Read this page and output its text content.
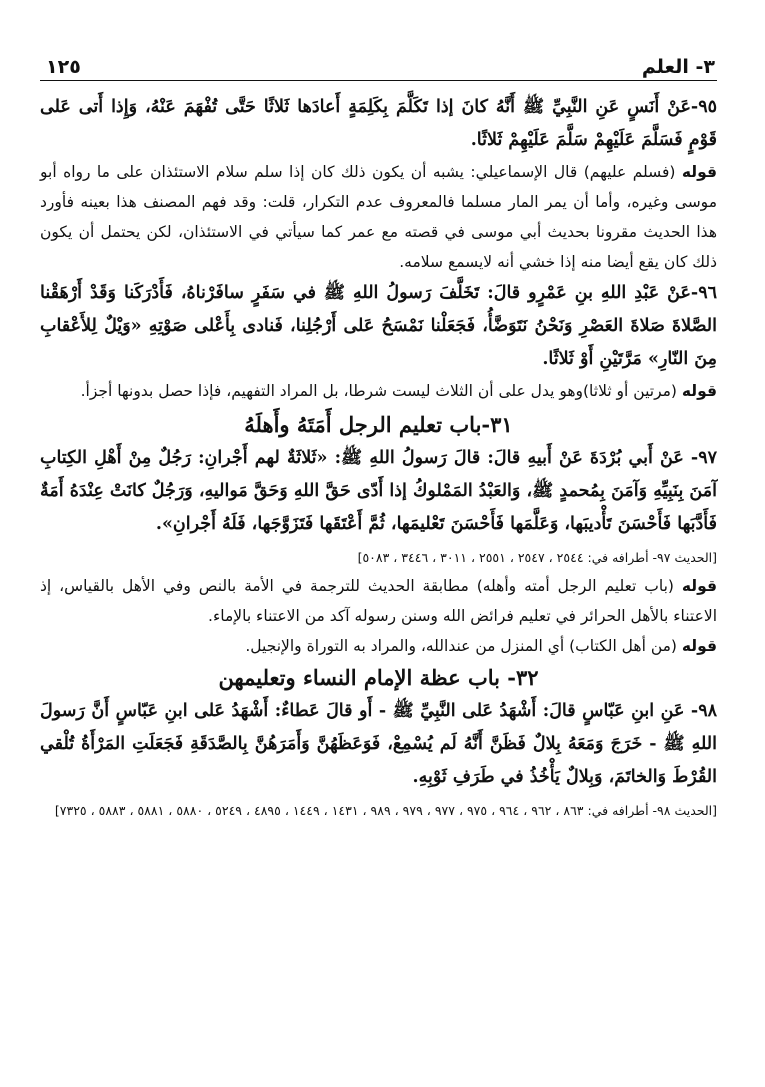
٣- العلم
١٢٥

٩٥-عَنْ أَنَسٍ عَنِ النَّبِيِّ ﷺ أَنَّهُ كانَ إذا تَكَلَّمَ بِكَلِمَةٍ أَعادَها ثَلاثًا حَتَّى تُفْهَمَ عَنْهُ، وَإِذا أَتى عَلى قَوْمٍ فَسَلَّمَ عَلَيْهِمْ سَلَّمَ عَلَيْهِمْ ثَلاثًا.

قوله (فسلم عليهم) قال الإسماعيلي: يشبه أن يكون ذلك كان إذا سلم سلام الاستئذان على ما رواه أبو موسى وغيره، وأما أن يمر المار مسلما فالمعروف عدم التكرار، قلت: وقد فهم المصنف هذا بعينه فأورد هذا الحديث مقرونا بحديث أبي موسى في قصته مع عمر كما سيأتي في الاستئذان، لكن يحتمل أن يكون ذلك كان يقع أيضا منه إذا خشي أنه لايسمع سلامه.

٩٦-عَنْ عَبْدِ اللهِ بنِ عَمْرٍو قالَ: تَخَلَّفَ رَسولُ اللهِ ﷺ في سَفَرٍ سافَرْناهُ، فَأَدْرَكَنا وَقَدْ أَرْهَقْنا الصَّلاةَ صَلاةَ العَصْرِ وَنَحْنُ نَتَوَضَّأُ، فَجَعَلْنا نَمْسَحُ عَلى أَرْجُلِنا، فَنادى بِأَعْلى صَوْتِهِ «وَيْلٌ لِلأَعْقابِ مِنَ النّارِ» مَرَّتَيْنِ أَوْ ثَلاثًا.

قوله (مرتين أو ثلاثا)وهو يدل على أن الثلاث ليست شرطا، بل المراد التفهيم، فإذا حصل بدونها أجزأ.

٣١-باب تعليم الرجل أَمَتَهُ وأَهلَهُ

٩٧- عَنْ أَبي بُرْدَةَ عَنْ أَبيهِ قالَ: قالَ رَسولُ اللهِ ﷺ: «ثَلاثَةٌ لهم أَجْرانِ: رَجُلٌ مِنْ أَهْلِ الكِتابِ آمَنَ بِنَبِيِّهِ وَآمَنَ بِمُحمدٍ ﷺ، وَالعَبْدُ المَمْلوكُ إذا أَدّى حَقَّ اللهِ وَحَقَّ مَواليهِ، وَرَجُلٌ كانَتْ عِنْدَهُ أَمَةٌ فَأَدَّبَها فَأَحْسَنَ تَأْديبَها، وَعَلَّمَها فَأَحْسَنَ تَعْليمَها، ثُمَّ أَعْتَقَها فَتَزَوَّجَها، فَلَهُ أَجْرانِ».

[الحديث ٩٧- أطرافه في: ٢٥٤٤ ، ٢٥٤٧ ، ٢٥٥١ ، ٣٠١١ ، ٣٤٤٦ ، ٥٠٨٣]

قوله (باب تعليم الرجل أمته وأهله) مطابقة الحديث للترجمة في الأمة بالنص وفي الأهل بالقياس، إذ الاعتناء بالأهل الحرائر في تعليم فرائض الله وسنن رسوله آكد من الاعتناء بالإماء.

قوله (من أهل الكتاب) أي المنزل من عندالله، والمراد به التوراة والإنجيل.

٣٢- باب عظة الإمام النساء وتعليمهن

٩٨- عَنِ ابنِ عَبّاسٍ قالَ: أَشْهَدُ عَلى النَّبِيِّ ﷺ - أَو قالَ عَطاءٌ: أَشْهَدُ عَلى ابنِ عَبّاسٍ أَنَّ رَسولَ اللهِ ﷺ - خَرَجَ وَمَعَهُ بِلالٌ فَظَنَّ أَنَّهُ لَم يُسْمِعْ، فَوَعَظَهُنَّ وَأَمَرَهُنَّ بِالصَّدَقَةِ فَجَعَلَتِ المَرْأَةُ تُلْقي القُرْطَ وَالخاتَمَ، وَبِلالٌ يَأْخُذُ في طَرَفِ ثَوْبِهِ.

[الحديث ٩٨- أطرافه في: ٨٦٣ ، ٩٦٢ ، ٩٦٤ ، ٩٧٥ ، ٩٧٧ ، ٩٧٩ ، ٩٨٩ ، ١٤٣١ ، ١٤٤٩ ، ٤٨٩٥ ، ٥٢٤٩ ، ٥٨٨٠ ، ٥٨٨١ ، ٥٨٨٣ ، ٧٣٢٥]
